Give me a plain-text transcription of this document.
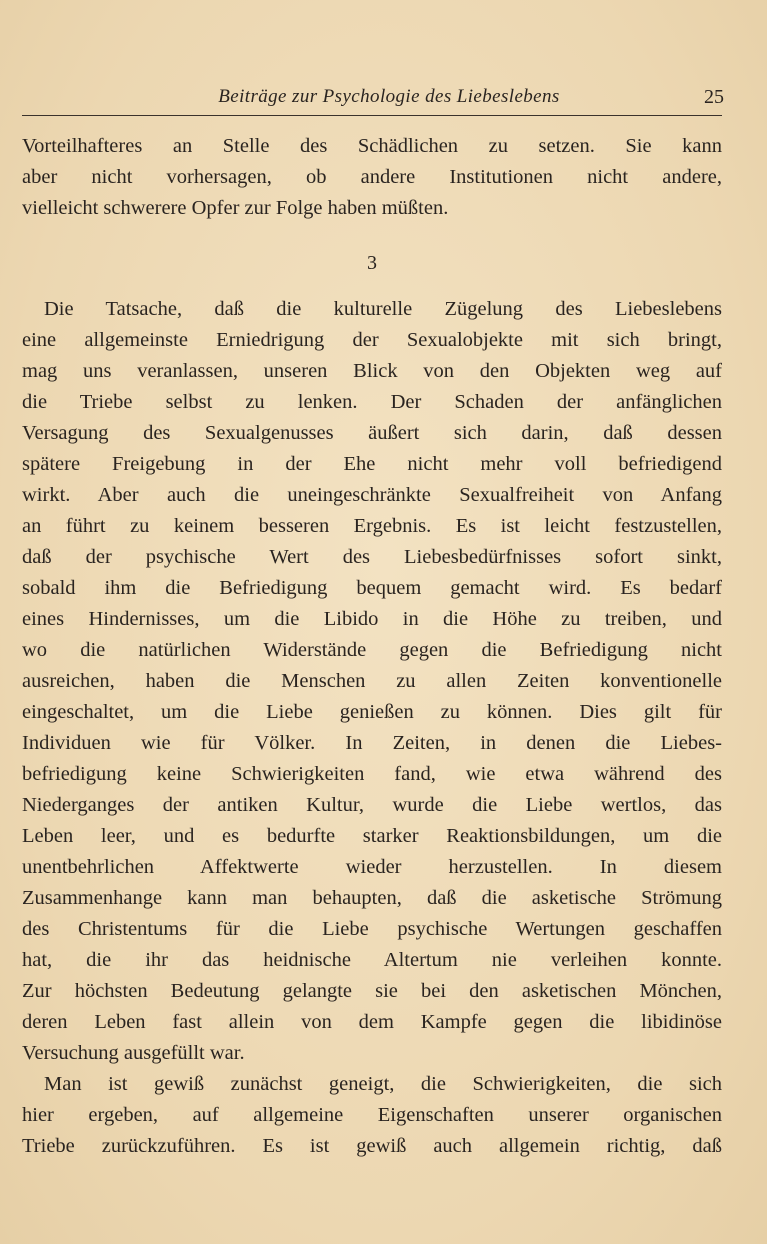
Beiträge zur Psychologie des Liebeslebens	25
Vorteilhafteres an Stelle des Schädlichen zu setzen. Sie kann
aber nicht vorhersagen, ob andere Institutionen nicht andere,
vielleicht schwerere Opfer zur Folge haben müßten.
3
Die Tatsache, daß die kulturelle Zügelung des Liebeslebens
eine allgemeinste Erniedrigung der Sexualobjekte mit sich bringt,
mag uns veranlassen, unseren Blick von den Objekten weg auf
die Triebe selbst zu lenken. Der Schaden der anfänglichen
Versagung des Sexualgenusses äußert sich darin, daß dessen
spätere Freigebung in der Ehe nicht mehr voll befriedigend
wirkt. Aber auch die uneingeschränkte Sexualfreiheit von Anfang
an führt zu keinem besseren Ergebnis. Es ist leicht festzustellen,
daß der psychische Wert des Liebesbedürfnisses sofort sinkt,
sobald ihm die Befriedigung bequem gemacht wird. Es bedarf
eines Hindernisses, um die Libido in die Höhe zu treiben, und
wo die natürlichen Widerstände gegen die Befriedigung nicht
ausreichen, haben die Menschen zu allen Zeiten konventionelle
eingeschaltet, um die Liebe genießen zu können. Dies gilt für
Individuen wie für Völker. In Zeiten, in denen die Liebes-
befriedigung keine Schwierigkeiten fand, wie etwa während des
Niederganges der antiken Kultur, wurde die Liebe wertlos, das
Leben leer, und es bedurfte starker Reaktionsbildungen, um die
unentbehrlichen Affektwerte wieder herzustellen. In diesem
Zusammenhange kann man behaupten, daß die asketische Strömung
des Christentums für die Liebe psychische Wertungen geschaffen
hat, die ihr das heidnische Altertum nie verleihen konnte.
Zur höchsten Bedeutung gelangte sie bei den asketischen Mönchen,
deren Leben fast allein von dem Kampfe gegen die libidinöse
Versuchung ausgefüllt war.
Man ist gewiß zunächst geneigt, die Schwierigkeiten, die sich
hier ergeben, auf allgemeine Eigenschaften unserer organischen
Triebe zurückzuführen. Es ist gewiß auch allgemein richtig, daß
